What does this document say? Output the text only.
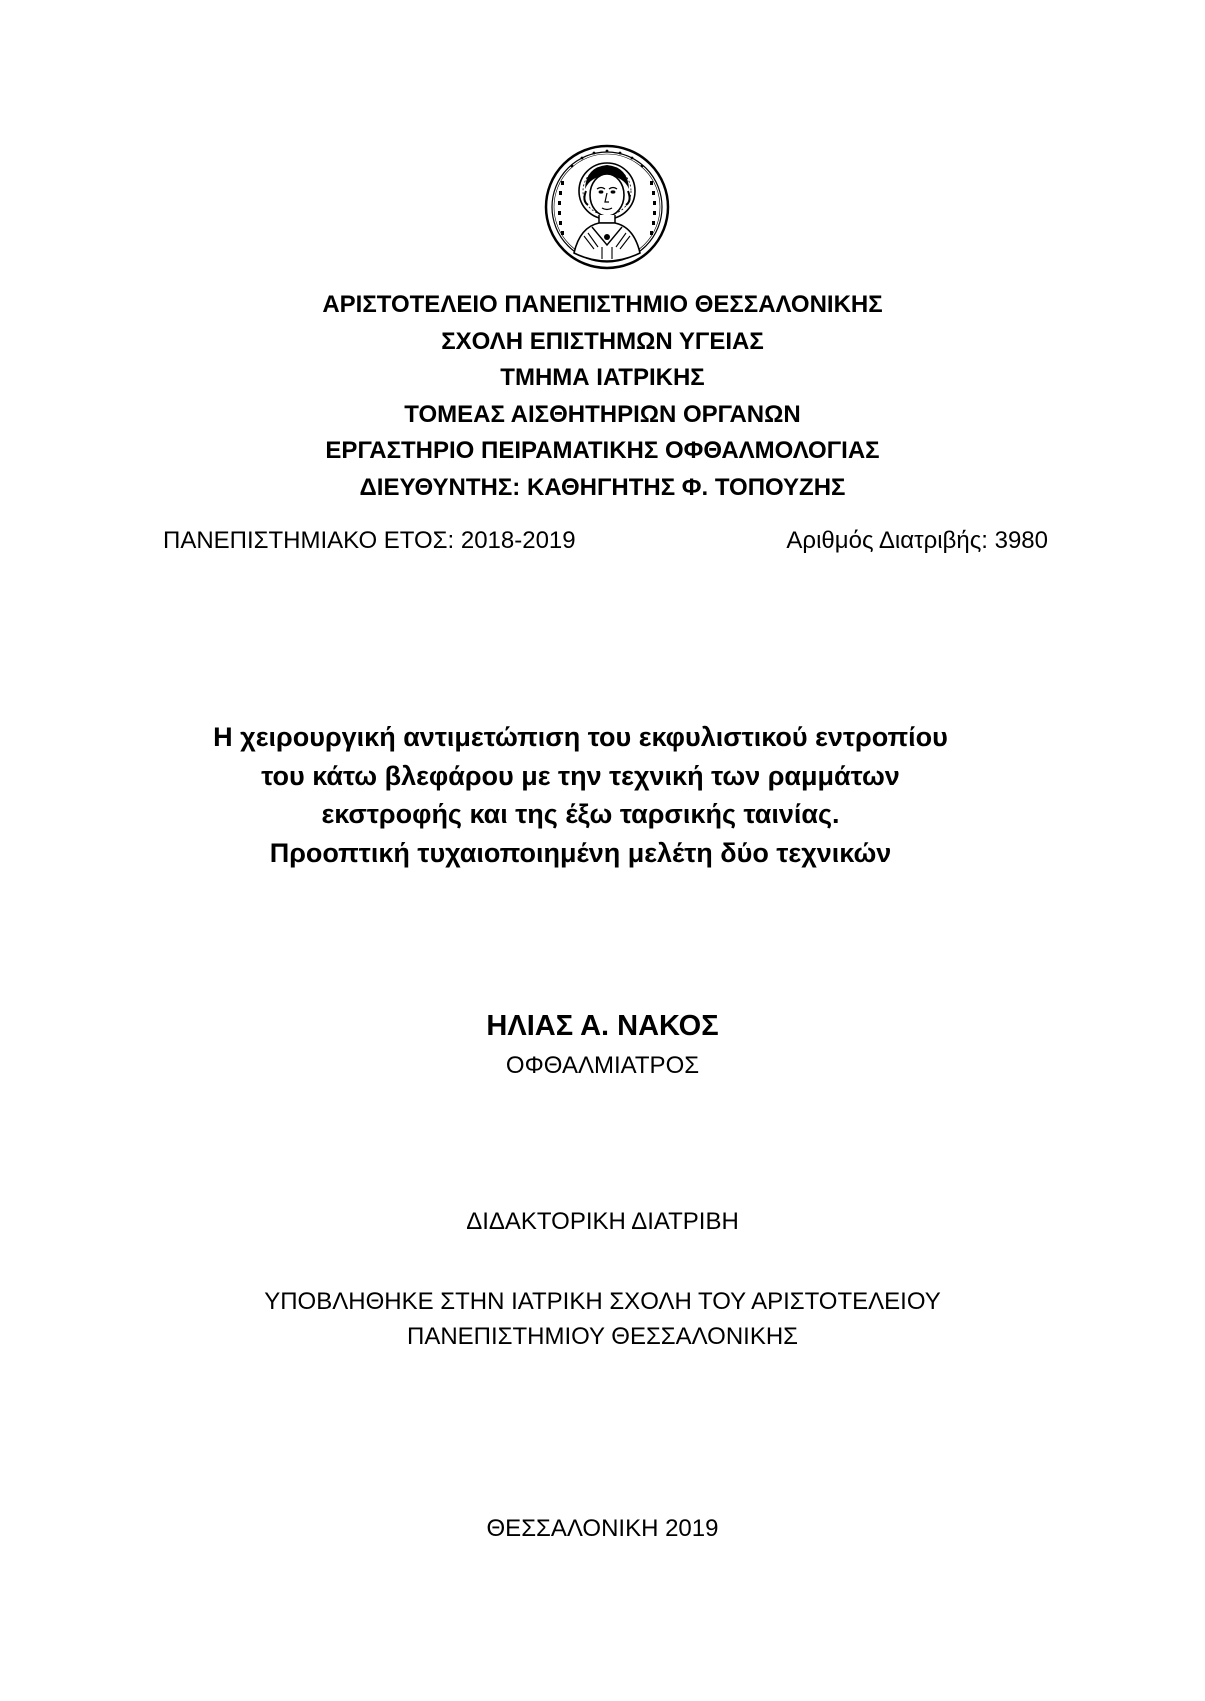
ΑΡΙΣΤΟΤΕΛΕΙΟ ΠΑΝΕΠΙΣΤΗΜΙΟ ΘΕΣΣΑΛΟΝΙΚΗΣ
ΣΧΟΛΗ ΕΠΙΣΤΗΜΩΝ ΥΓΕΙΑΣ
ΤΜΗΜΑ ΙΑΤΡΙΚΗΣ
ΤΟΜΕΑΣ ΑΙΣΘΗΤΗΡΙΩΝ ΟΡΓΑΝΩΝ
ΕΡΓΑΣΤΗΡΙΟ ΠΕΙΡΑΜΑΤΙΚΗΣ ΟΦΘΑΛΜΟΛΟΓΙΑΣ
ΔΙΕΥΘΥΝΤΗΣ: ΚΑΘΗΓΗΤΗΣ Φ. ΤΟΠΟΥΖΗΣ
ΠΑΝΕΠΙΣΤΗΜΙΑΚΟ ΕΤΟΣ: 2018-2019	Αριθμός Διατριβής: 3980
Η χειρουργική αντιμετώπιση του εκφυλιστικού εντροπίου
του κάτω βλεφάρου με την τεχνική των ραμμάτων
εκστροφής και της έξω ταρσικής ταινίας.
Προοπτική τυχαιοποιημένη μελέτη δύο τεχνικών
ΗΛΙΑΣ Α. ΝΑΚΟΣ
ΟΦΘΑΛΜΙΑΤΡΟΣ
ΔΙΔΑΚΤΟΡΙΚΗ ΔΙΑΤΡΙΒΗ
ΥΠΟΒΛΗΘΗΚΕ ΣΤΗΝ ΙΑΤΡΙΚΗ ΣΧΟΛΗ ΤΟΥ ΑΡΙΣΤΟΤΕΛΕΙΟΥ
ΠΑΝΕΠΙΣΤΗΜΙΟΥ ΘΕΣΣΑΛΟΝΙΚΗΣ
ΘΕΣΣΑΛΟΝΙΚΗ 2019
